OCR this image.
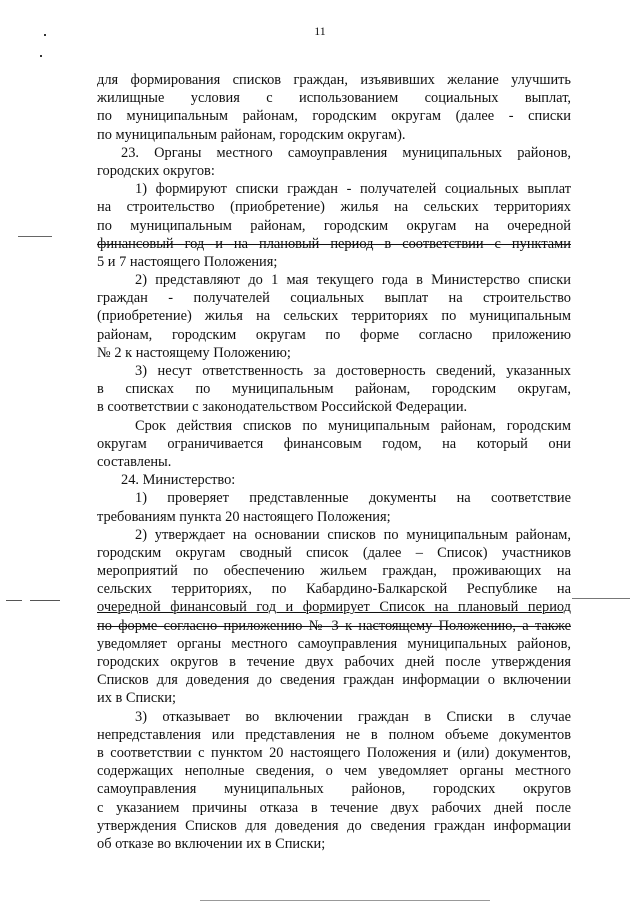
11
для формирования списков граждан, изъявивших желание улучшить
жилищные условия с использованием социальных выплат,
по муниципальным районам, городским округам (далее - списки
по муниципальным районам, городским округам).
23. Органы местного самоуправления муниципальных районов,
городских округов:
1) формируют списки граждан - получателей социальных выплат
на строительство (приобретение) жилья на сельских территориях
по муниципальным районам, городским округам на очередной
финансовый год и на плановый период в соответствии с пунктами
5 и 7 настоящего Положения;
2) представляют до 1 мая текущего года в Министерство списки
граждан - получателей социальных выплат на строительство
(приобретение) жилья на сельских территориях по муниципальным
районам, городским округам по форме согласно приложению
№ 2 к настоящему Положению;
3) несут ответственность за достоверность сведений, указанных
в списках по муниципальным районам, городским округам,
в соответствии с законодательством Российской Федерации.
Срок действия списков по муниципальным районам, городским
округам ограничивается финансовым годом, на который они
составлены.
24. Министерство:
1) проверяет представленные документы на соответствие
требованиям пункта 20 настоящего Положения;
2) утверждает на основании списков по муниципальным районам,
городским округам сводный список (далее – Список) участников
мероприятий по обеспечению жильем граждан, проживающих на
сельских территориях, по Кабардино-Балкарской Республике на
очередной финансовый год и формирует Список на плановый период
по форме согласно приложению № 3 к настоящему Положению, а также
уведомляет органы местного самоуправления муниципальных районов,
городских округов в течение двух рабочих дней после утверждения
Списков для доведения до сведения граждан информации о включении
их в Списки;
3) отказывает во включении граждан в Списки в случае
непредставления или представления не в полном объеме документов
в соответствии с пунктом 20 настоящего Положения и (или) документов,
содержащих неполные сведения, о чем уведомляет органы местного
самоуправления муниципальных районов, городских округов
с указанием причины отказа в течение двух рабочих дней после
утверждения Списков для доведения до сведения граждан информации
об отказе во включении их в Списки;
